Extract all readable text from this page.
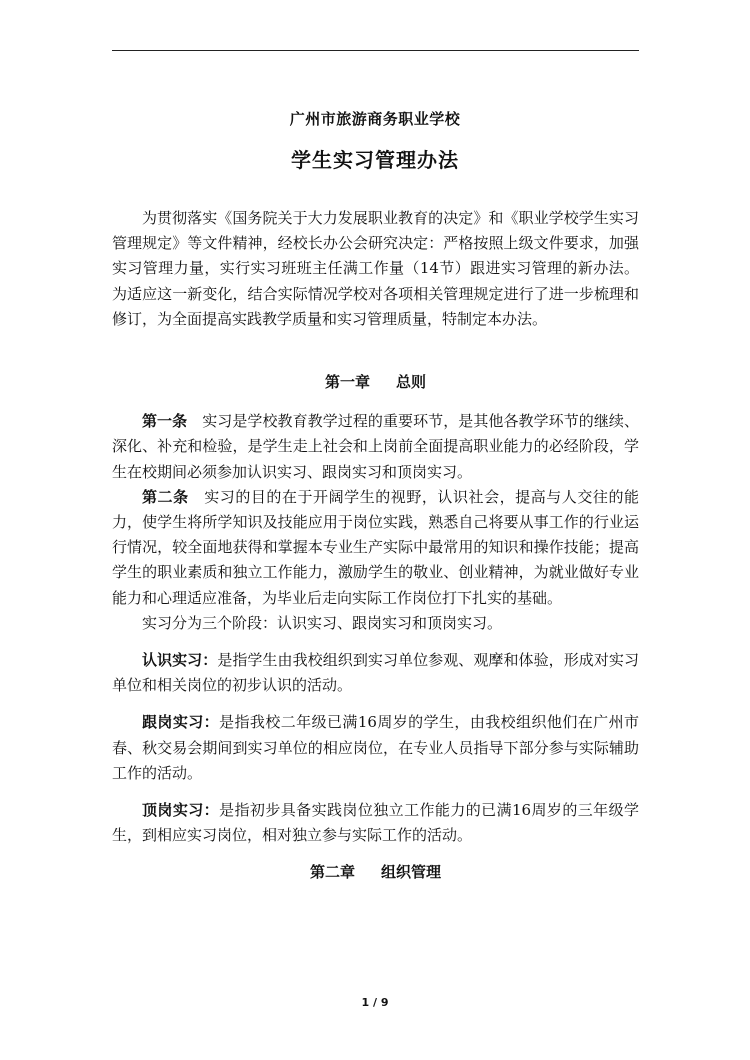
广州市旅游商务职业学校
学生实习管理办法

为贯彻落实《国务院关于大力发展职业教育的决定》和《职业学校学生实习管理规定》等文件精神，经校长办公会研究决定：严格按照上级文件要求，加强实习管理力量，实行实习班班主任满工作量（14节）跟进实习管理的新办法。为适应这一新变化，结合实际情况学校对各项相关管理规定进行了进一步梳理和修订，为全面提高实践教学质量和实习管理质量，特制定本办法。

第一章 总则

第一条　 实习是学校教育教学过程的重要环节，是其他各教学环节的继续、深化、补充和检验，是学生走上社会和上岗前全面提高职业能力的必经阶段，学生在校期间必须参加认识实习、跟岗实习和顶岗实习。

第二条　 实习的目的在于开阔学生的视野，认识社会，提高与人交往的能力，使学生将所学知识及技能应用于岗位实践，熟悉自己将要从事工作的行业运行情况，较全面地获得和掌握本专业生产实际中最常用的知识和操作技能；提高学生的职业素质和独立工作能力，激励学生的敬业、创业精神，为就业做好专业能力和心理适应准备，为毕业后走向实际工作岗位打下扎实的基础。

实习分为三个阶段：认识实习、跟岗实习和顶岗实习。

认识实习：是指学生由我校组织到实习单位参观、观摩和体验，形成对实习单位和相关岗位的初步认识的活动。

跟岗实习：是指我校二年级已满16周岁的学生，由我校组织他们在广州市春、秋交易会期间到实习单位的相应岗位，在专业人员指导下部分参与实际辅助工作的活动。

顶岗实习：是指初步具备实践岗位独立工作能力的已满16周岁的三年级学生，到相应实习岗位，相对独立参与实际工作的活动。

第二章 组织管理

1 / 9
